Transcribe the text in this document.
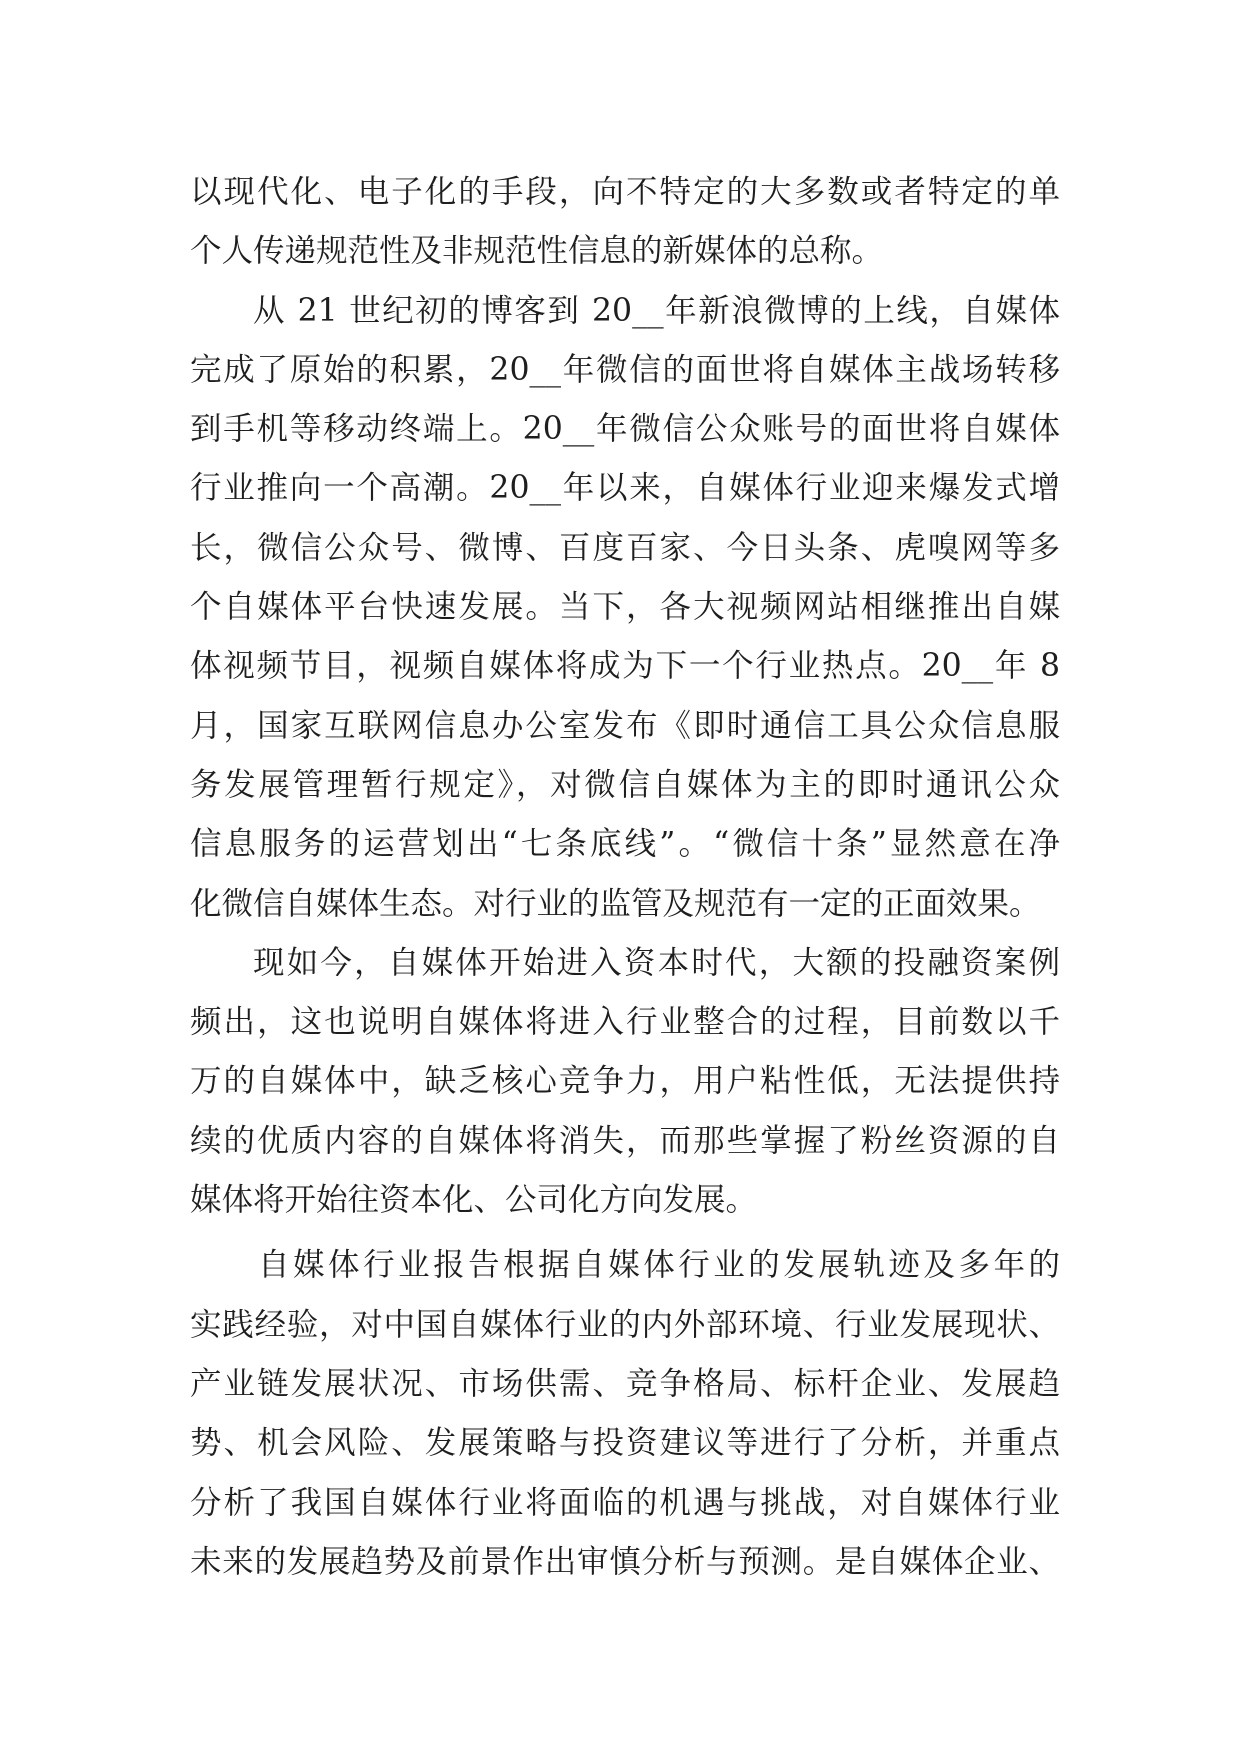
以现代化、电子化的手段，向不特定的大多数或者特定的单
个人传递规范性及非规范性信息的新媒体的总称。
从 21 世纪初的博客到 20__年新浪微博的上线，自媒体
完成了原始的积累，20__年微信的面世将自媒体主战场转移
到手机等移动终端上。20__年微信公众账号的面世将自媒体
行业推向一个高潮。20__年以来，自媒体行业迎来爆发式增
长，微信公众号、微博、百度百家、今日头条、虎嗅网等多
个自媒体平台快速发展。当下，各大视频网站相继推出自媒
体视频节目，视频自媒体将成为下一个行业热点。20__年 8
月，国家互联网信息办公室发布《即时通信工具公众信息服
务发展管理暂行规定》，对微信自媒体为主的即时通讯公众
信息服务的运营划出“七条底线”。“微信十条”显然意在净
化微信自媒体生态。对行业的监管及规范有一定的正面效果。
现如今，自媒体开始进入资本时代，大额的投融资案例
频出，这也说明自媒体将进入行业整合的过程，目前数以千
万的自媒体中，缺乏核心竞争力，用户粘性低，无法提供持
续的优质内容的自媒体将消失，而那些掌握了粉丝资源的自
媒体将开始往资本化、公司化方向发展。
自媒体行业报告根据自媒体行业的发展轨迹及多年的
实践经验，对中国自媒体行业的内外部环境、行业发展现状、
产业链发展状况、市场供需、竞争格局、标杆企业、发展趋
势、机会风险、发展策略与投资建议等进行了分析，并重点
分析了我国自媒体行业将面临的机遇与挑战，对自媒体行业
未来的发展趋势及前景作出审慎分析与预测。是自媒体企业、
